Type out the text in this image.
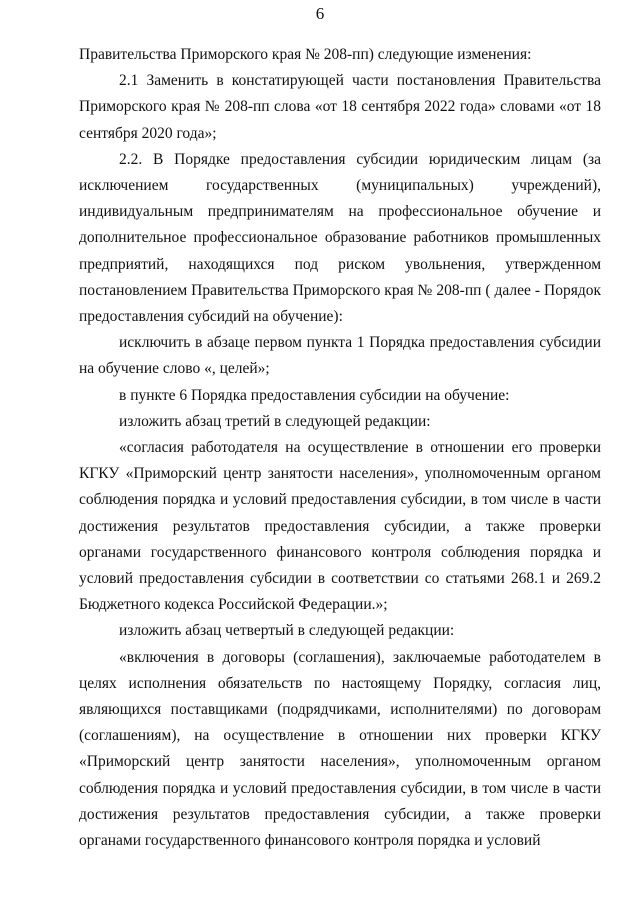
6

Правительства Приморского края № 208-пп) следующие изменения:

2.1 Заменить в констатирующей части постановления Правительства Приморского края № 208-пп слова «от 18 сентября 2022 года» словами «от 18 сентября 2020 года»;

2.2. В Порядке предоставления субсидии юридическим лицам (за исключением государственных (муниципальных) учреждений), индивидуальным предпринимателям на профессиональное обучение и дополнительное профессиональное образование работников промышленных предприятий, находящихся под риском увольнения, утвержденном постановлением Правительства Приморского края № 208-пп ( далее - Порядок предоставления субсидий на обучение):

исключить в абзаце первом пункта 1 Порядка предоставления субсидии на обучение слово «, целей»;

в пункте 6 Порядка предоставления субсидии на обучение:

изложить абзац третий в следующей редакции:

«согласия работодателя на осуществление в отношении его проверки КГКУ «Приморский центр занятости населения», уполномоченным органом соблюдения порядка и условий предоставления субсидии, в том числе в части достижения результатов предоставления субсидии, а также проверки органами государственного финансового контроля соблюдения порядка и условий предоставления субсидии в соответствии со статьями 268.1 и 269.2 Бюджетного кодекса Российской Федерации.»;

изложить абзац четвертый в следующей редакции:

«включения в договоры (соглашения), заключаемые работодателем в целях исполнения обязательств по настоящему Порядку, согласия лиц, являющихся поставщиками (подрядчиками, исполнителями) по договорам (соглашениям), на осуществление в отношении них проверки КГКУ «Приморский центр занятости населения», уполномоченным органом соблюдения порядка и условий предоставления субсидии, в том числе в части достижения результатов предоставления субсидии, а также проверки органами государственного финансового контроля порядка и условий
